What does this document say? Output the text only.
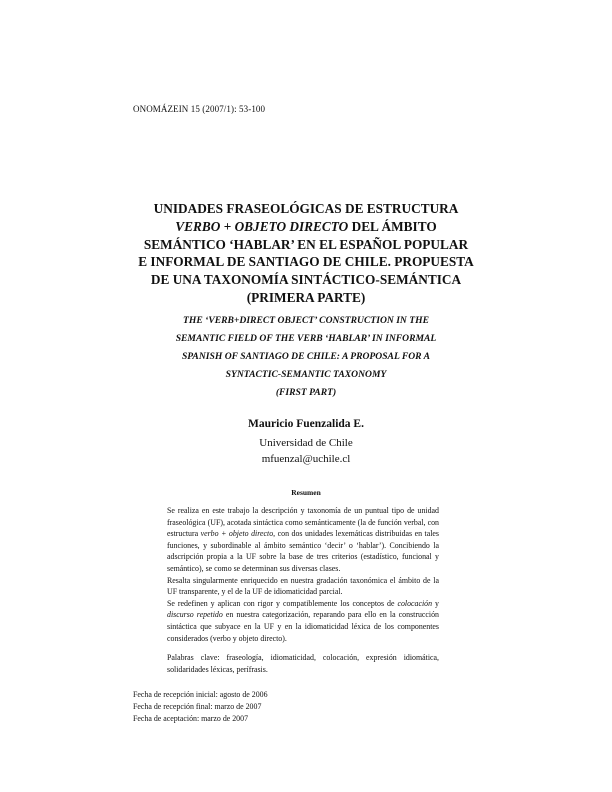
ONOMÁZEIN 15 (2007/1): 53-100
UNIDADES FRASEOLÓGICAS DE ESTRUCTURA
VERBO + OBJETO DIRECTO DEL ÁMBITO
SEMÁNTICO ‘HABLAR’ EN EL ESPAÑOL POPULAR
E INFORMAL DE SANTIAGO DE CHILE. PROPUESTA
DE UNA TAXONOMÍA SINTÁCTICO-SEMÁNTICA
(PRIMERA PARTE)
THE ‘VERB+DIRECT OBJECT’ CONSTRUCTION IN THE
SEMANTIC FIELD OF THE VERB ‘HABLAR’ IN INFORMAL
SPANISH OF SANTIAGO DE CHILE: A PROPOSAL FOR A
SYNTACTIC-SEMANTIC TAXONOMY
(FIRST PART)
Mauricio Fuenzalida E.
Universidad de Chile
mfuenzal@uchile.cl
Resumen

Se realiza en este trabajo la descripción y taxonomía de un puntual tipo de unidad fraseológica (UF), acotada sintáctica como semánticamente (la de función verbal, con estructura verbo + objeto directo, con dos unidades lexemáticas distribuidas en tales funciones, y subordinable al ámbito semántico ‘decir’ o ‘hablar’). Concibiendo la adscripción propia a la UF sobre la base de tres criterios (estadístico, funcional y semántico), se como se determinan sus diversas clases.

Resalta singularmente enriquecido en nuestra gradación taxonómica el ámbito de la UF transparente, y el de la UF de idiomaticidad parcial.

Se redefinen y aplican con rigor y compatiblemente los conceptos de colocación y discurso repetido en nuestra categorización, reparando para ello en la construcción sintáctica que subyace en la UF y en la idiomaticidad léxica de los componentes considerados (verbo y objeto directo).

Palabras clave: fraseología, idiomaticidad, colocación, expresión idiomática, solidaridades léxicas, perífrasis.

Fecha de recepción inicial: agosto de 2006
Fecha de recepción final: marzo de 2007
Fecha de aceptación: marzo de 2007
